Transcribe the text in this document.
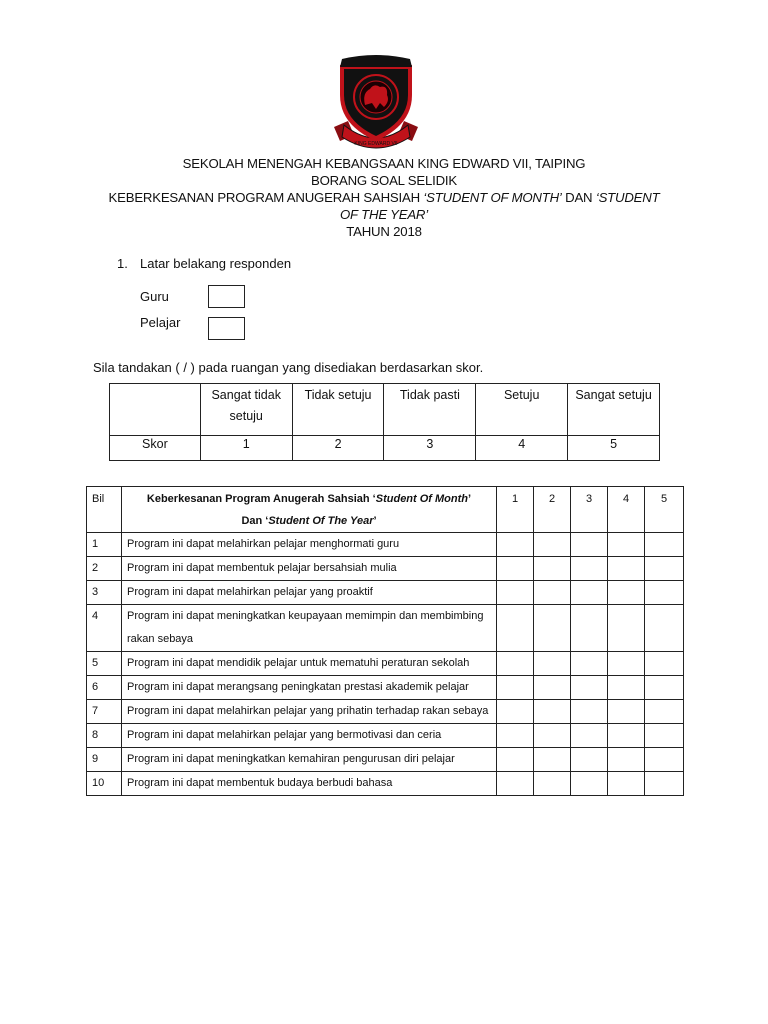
KING EDWARD VII
SEKOLAH MENENGAH KEBANGSAAN KING EDWARD VII, TAIPING
BORANG SOAL SELIDIK
KEBERKESANAN PROGRAM ANUGERAH SAHSIAH ‘STUDENT OF MONTH’ DAN ‘STUDENT OF THE YEAR’
TAHUN 2018
1. Latar belakang responden
Guru
Pelajar
Sila tandakan ( / ) pada ruangan yang disediakan berdasarkan skor.
	Sangat tidak setuju	Tidak setuju	Tidak pasti	Setuju	Sangat setuju
Skor	1	2	3	4	5
Bil	Keberkesanan Program Anugerah Sahsiah ‘Student Of Month’
Dan ‘Student Of The Year’	1	2	3	4	5
1	Program ini dapat melahirkan pelajar menghormati guru					
2	Program ini dapat membentuk pelajar bersahsiah mulia					
3	Program ini dapat melahirkan pelajar yang proaktif					
4	Program ini dapat meningkatkan keupayaan memimpin dan membimbing rakan sebaya					
5	Program ini dapat mendidik pelajar untuk mematuhi peraturan sekolah					
6	Program ini dapat merangsang peningkatan prestasi akademik pelajar					
7	Program ini dapat melahirkan pelajar yang prihatin terhadap rakan sebaya					
8	Program ini dapat melahirkan pelajar yang bermotivasi dan ceria					
9	Program ini dapat meningkatkan kemahiran pengurusan diri pelajar					
10	Program ini dapat membentuk budaya berbudi bahasa					
